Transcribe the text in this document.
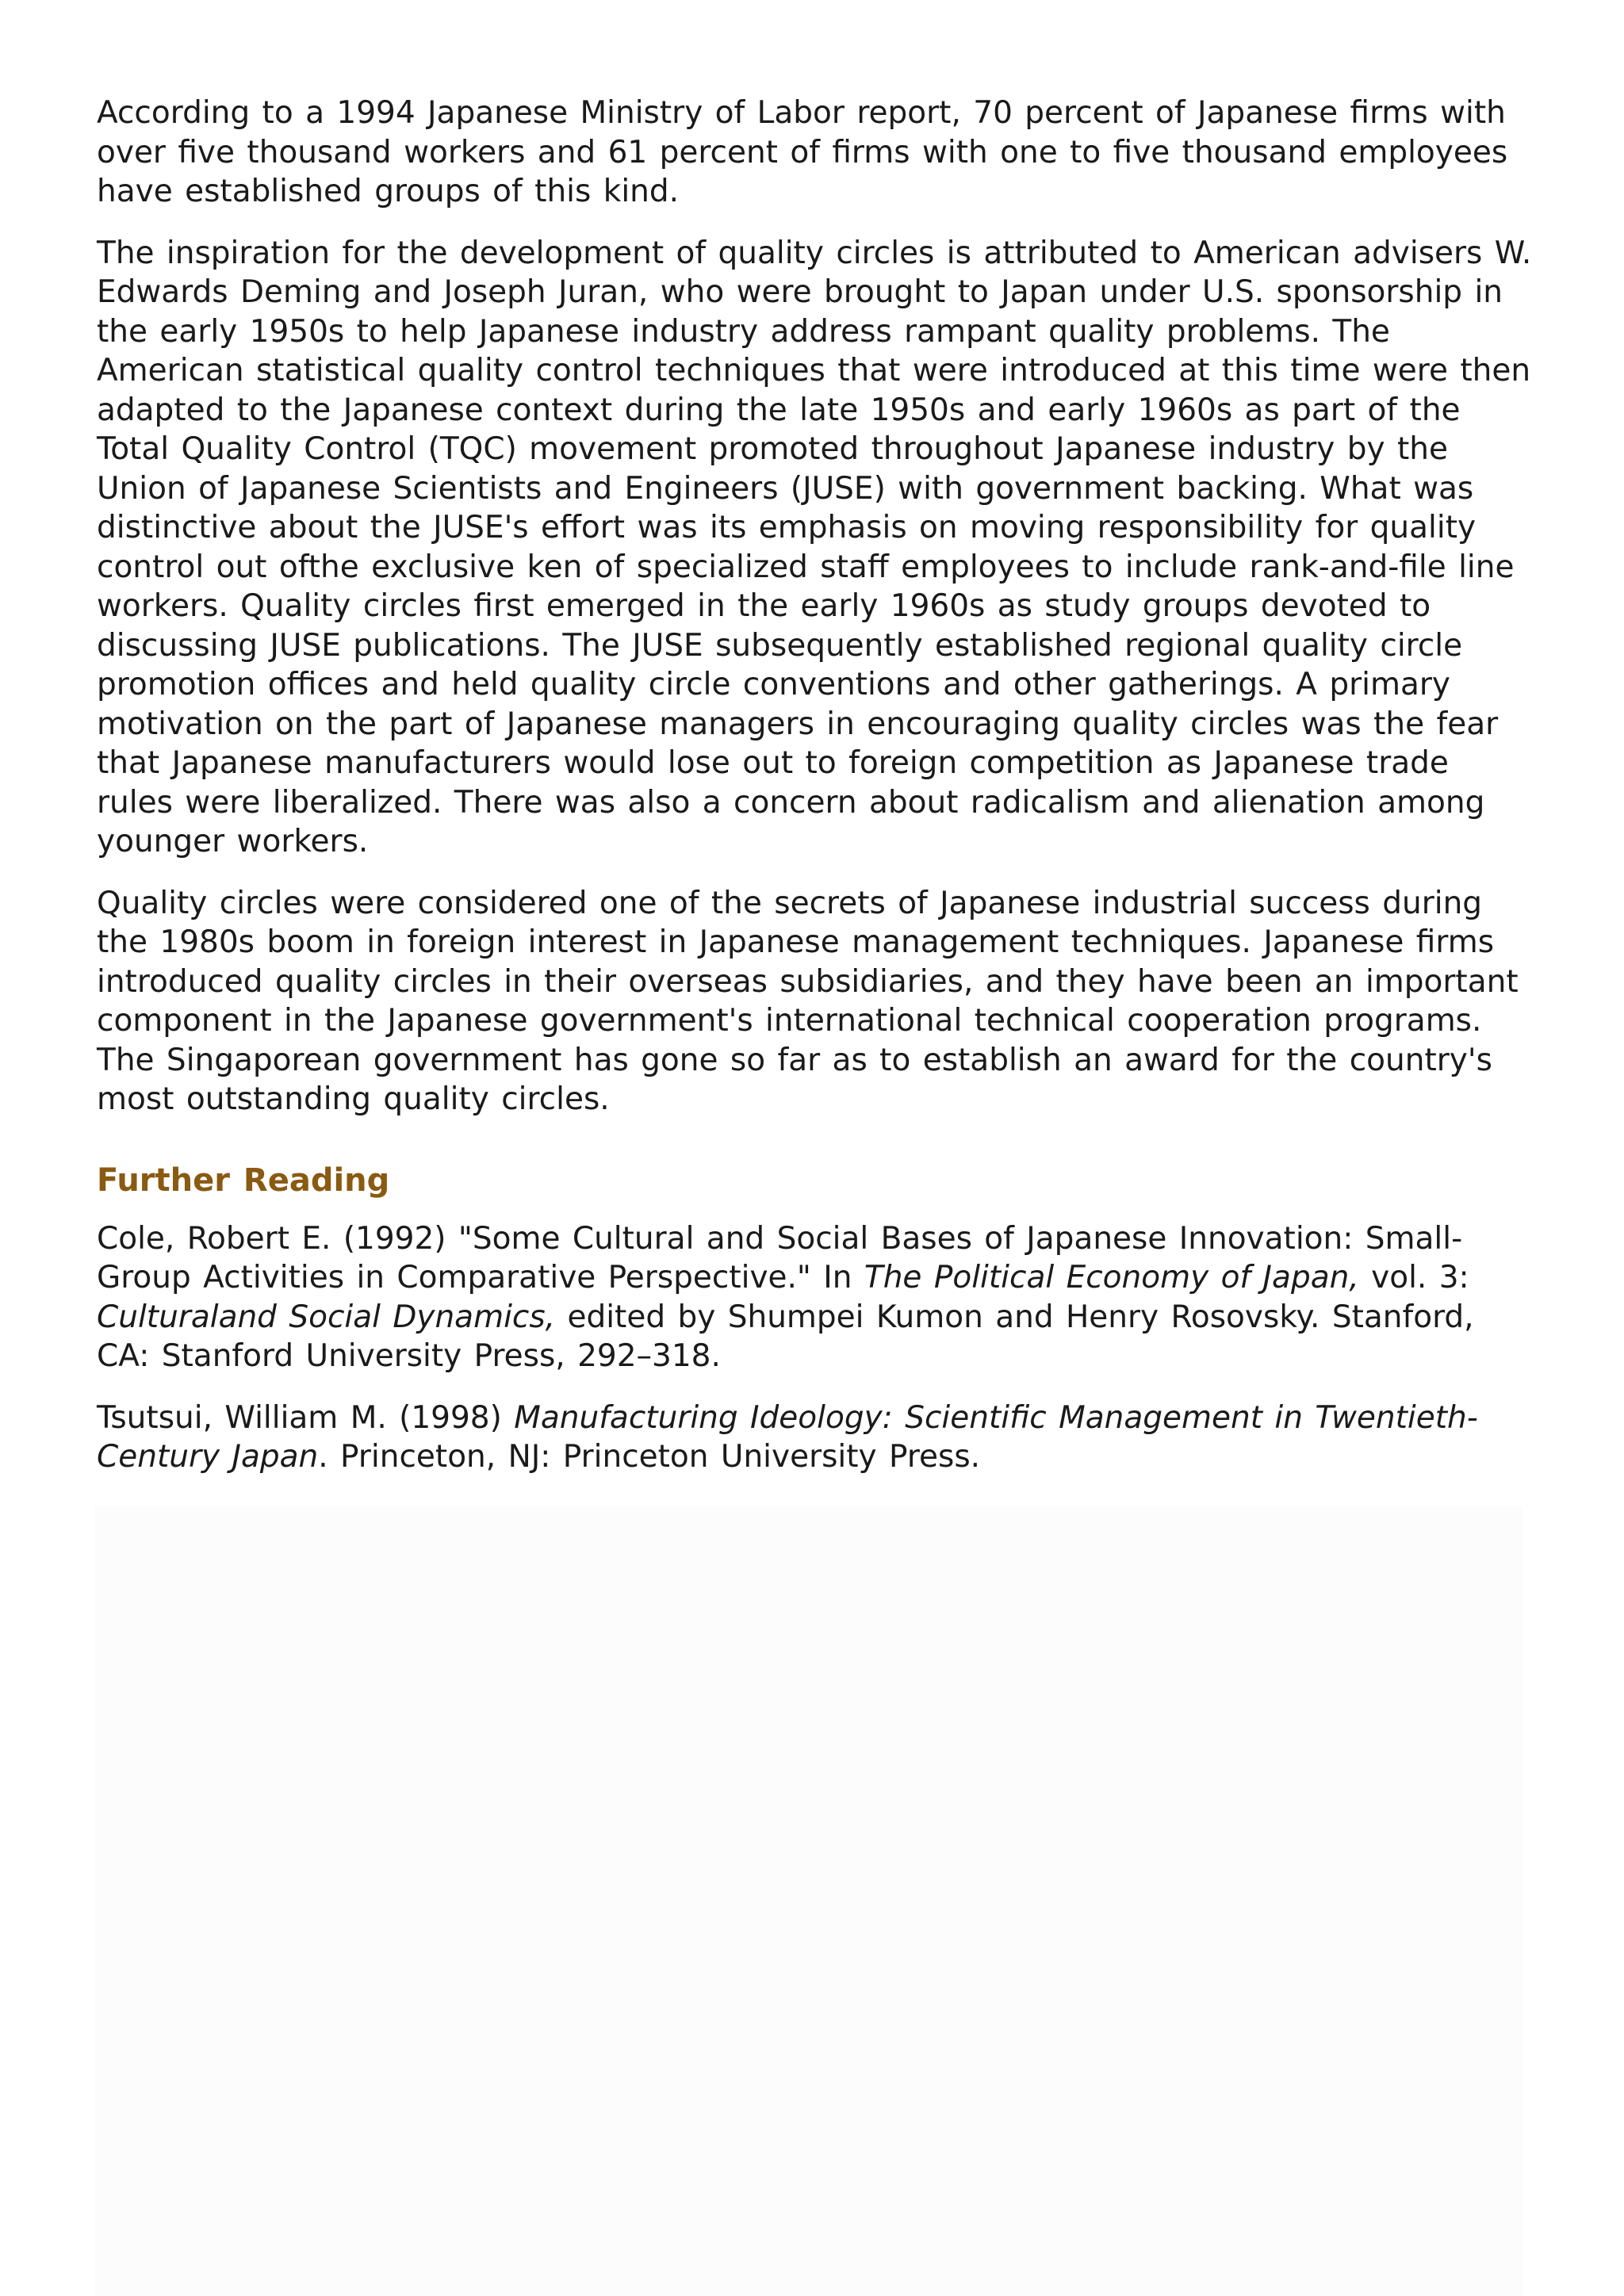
According to a 1994 Japanese Ministry of Labor report, 70 percent of Japanese firms with over five thousand workers and 61 percent of firms with one to five thousand employees have established groups of this kind.

The inspiration for the development of quality circles is attributed to American advisers W. Edwards Deming and Joseph Juran, who were brought to Japan under U.S. sponsorship in the early 1950s to help Japanese industry address rampant quality problems. The American statistical quality control techniques that were introduced at this time were then adapted to the Japanese context during the late 1950s and early 1960s as part of the Total Quality Control (TQC) movement promoted throughout Japanese industry by the Union of Japanese Scientists and Engineers (JUSE) with government backing. What was distinctive about the JUSE's effort was its emphasis on moving responsibility for quality control out ofthe exclusive ken of specialized staff employees to include rank-and-file line workers. Quality circles first emerged in the early 1960s as study groups devoted to discussing JUSE publications. The JUSE subsequently established regional quality circle promotion offices and held quality circle conventions and other gatherings. A primary motivation on the part of Japanese managers in encouraging quality circles was the fear that Japanese manufacturers would lose out to foreign competition as Japanese trade rules were liberalized. There was also a concern about radicalism and alienation among younger workers.

Quality circles were considered one of the secrets of Japanese industrial success during the 1980s boom in foreign interest in Japanese management techniques. Japanese firms introduced quality circles in their overseas subsidiaries, and they have been an important component in the Japanese government's international technical cooperation programs. The Singaporean government has gone so far as to establish an award for the country's most outstanding quality circles.

Further Reading

Cole, Robert E. (1992) "Some Cultural and Social Bases of Japanese Innovation: Small-Group Activities in Comparative Perspective." In The Political Economy of Japan, vol. 3: Culturaland Social Dynamics, edited by Shumpei Kumon and Henry Rosovsky. Stanford, CA: Stanford University Press, 292–318.

Tsutsui, William M. (1998) Manufacturing Ideology: Scientific Management in Twentieth-Century Japan. Princeton, NJ: Princeton University Press.
